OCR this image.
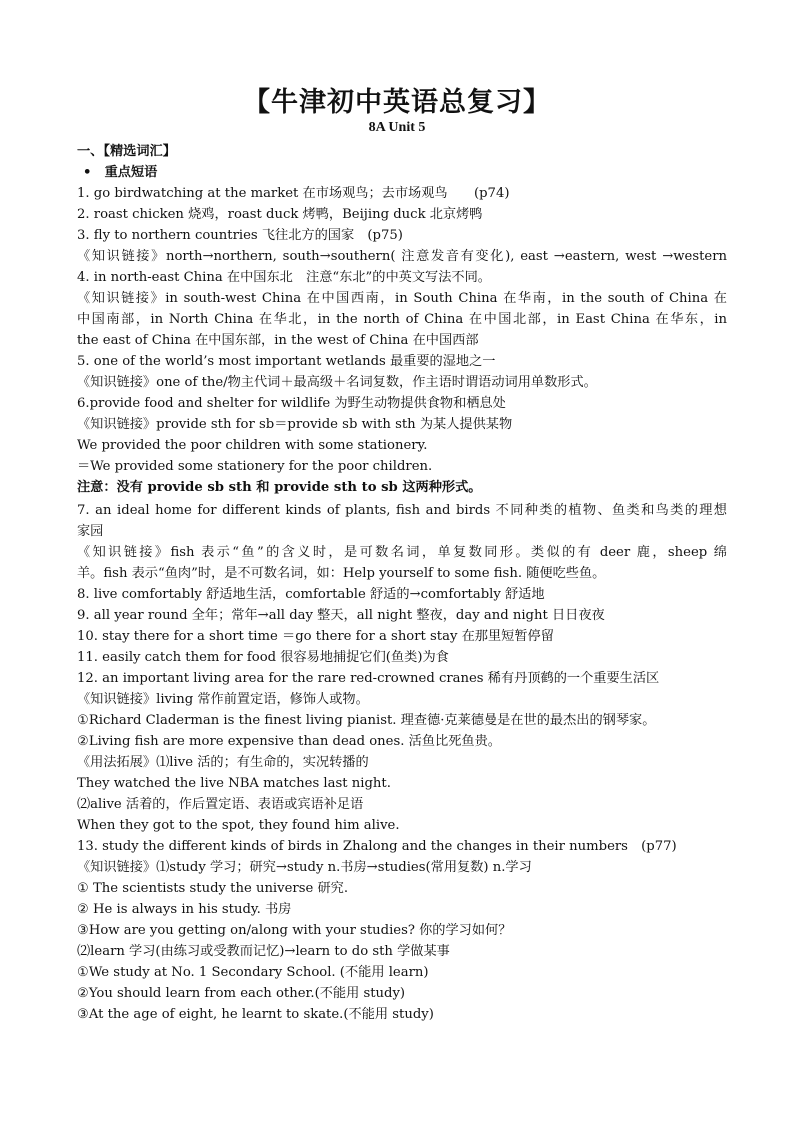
【牛津初中英语总复习】
8A Unit 5
一、【精选词汇】
•　重点短语
1. go birdwatching at the market 在市场观鸟；去市场观鸟　　(p74)
2. roast chicken 烧鸡，roast duck 烤鸭，Beijing duck 北京烤鸭
3. fly to northern countries 飞往北方的国家　(p75)
《知识链接》north→northern, south→southern( 注意发音有变化), east →eastern, west →western
4. in north-east China 在中国东北　注意“东北”的中英文写法不同。
《知识链接》in south-west China 在中国西南，in South China 在华南，in the south of China 在
中国南部，in North China 在华北，in the north of China 在中国北部，in East China 在华东，in
the east of China 在中国东部，in the west of China 在中国西部
5. one of the world’s most important wetlands 最重要的湿地之一
《知识链接》one of the/物主代词＋最高级＋名词复数，作主语时谓语动词用单数形式。
6.provide food and shelter for wildlife 为野生动物提供食物和栖息处
《知识链接》provide sth for sb＝provide sb with sth 为某人提供某物
We provided the poor children with some stationery.
＝We provided some stationery for the poor children.
注意：没有 provide sb sth 和 provide sth to sb 这两种形式。
7. an ideal home for different kinds of plants, fish and birds 不同种类的植物、鱼类和鸟类的理想
家园
《知识链接》fish 表示“鱼”的含义时，是可数名词，单复数同形。类似的有 deer 鹿，sheep 绵
羊。fish 表示“鱼肉”时，是不可数名词，如：Help yourself to some fish. 随便吃些鱼。
8. live comfortably 舒适地生活，comfortable 舒适的→comfortably 舒适地
9. all year round 全年；常年→all day 整天，all night 整夜，day and night 日日夜夜
10. stay there for a short time ＝go there for a short stay 在那里短暂停留
11. easily catch them for food 很容易地捕捉它们(鱼类)为食
12. an important living area for the rare red-crowned cranes 稀有丹顶鹤的一个重要生活区
《知识链接》living 常作前置定语，修饰人或物。
①Richard Claderman is the finest living pianist. 理查德·克莱德曼是在世的最杰出的钢琴家。
②Living fish are more expensive than dead ones. 活鱼比死鱼贵。
《用法拓展》⑴live 活的；有生命的，实况转播的
They watched the live NBA matches last night.
⑵alive 活着的，作后置定语、表语或宾语补足语
When they got to the spot, they found him alive.
13. study the different kinds of birds in Zhalong and the changes in their numbers　(p77)
《知识链接》⑴study 学习；研究→study n.书房→studies(常用复数) n.学习
① The scientists study the universe 研究.
② He is always in his study. 书房
③How are you getting on/along with your studies? 你的学习如何？
⑵learn 学习(由练习或受教而记忆)→learn to do sth 学做某事
①We study at No. 1 Secondary School. (不能用 learn)
②You should learn from each other.(不能用 study)
③At the age of eight, he learnt to skate.(不能用 study)
